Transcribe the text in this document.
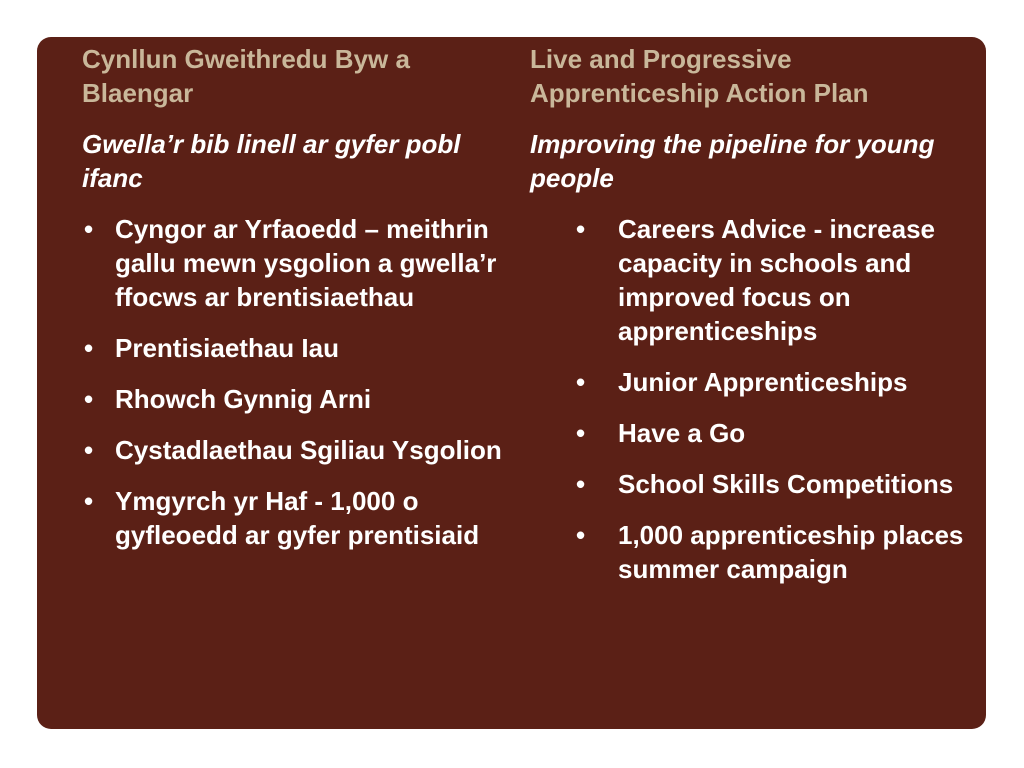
Cynllun Gweithredu Byw a Blaengar

Gwella’r bib linell ar gyfer pobl ifanc

• Cyngor ar Yrfaoedd – meithrin gallu mewn ysgolion a gwella’r ffocws ar brentisiaethau
• Prentisiaethau Iau
• Rhowch Gynnig Arni
• Cystadlaethau Sgiliau Ysgolion
• Ymgyrch yr Haf - 1,000 o gyfleoedd ar gyfer prentisiaid

Live and Progressive Apprenticeship Action Plan

Improving the pipeline for young people

• Careers Advice - increase capacity in schools and improved focus on apprenticeships
• Junior Apprenticeships
• Have a Go
• School Skills Competitions
• 1,000 apprenticeship places summer campaign
